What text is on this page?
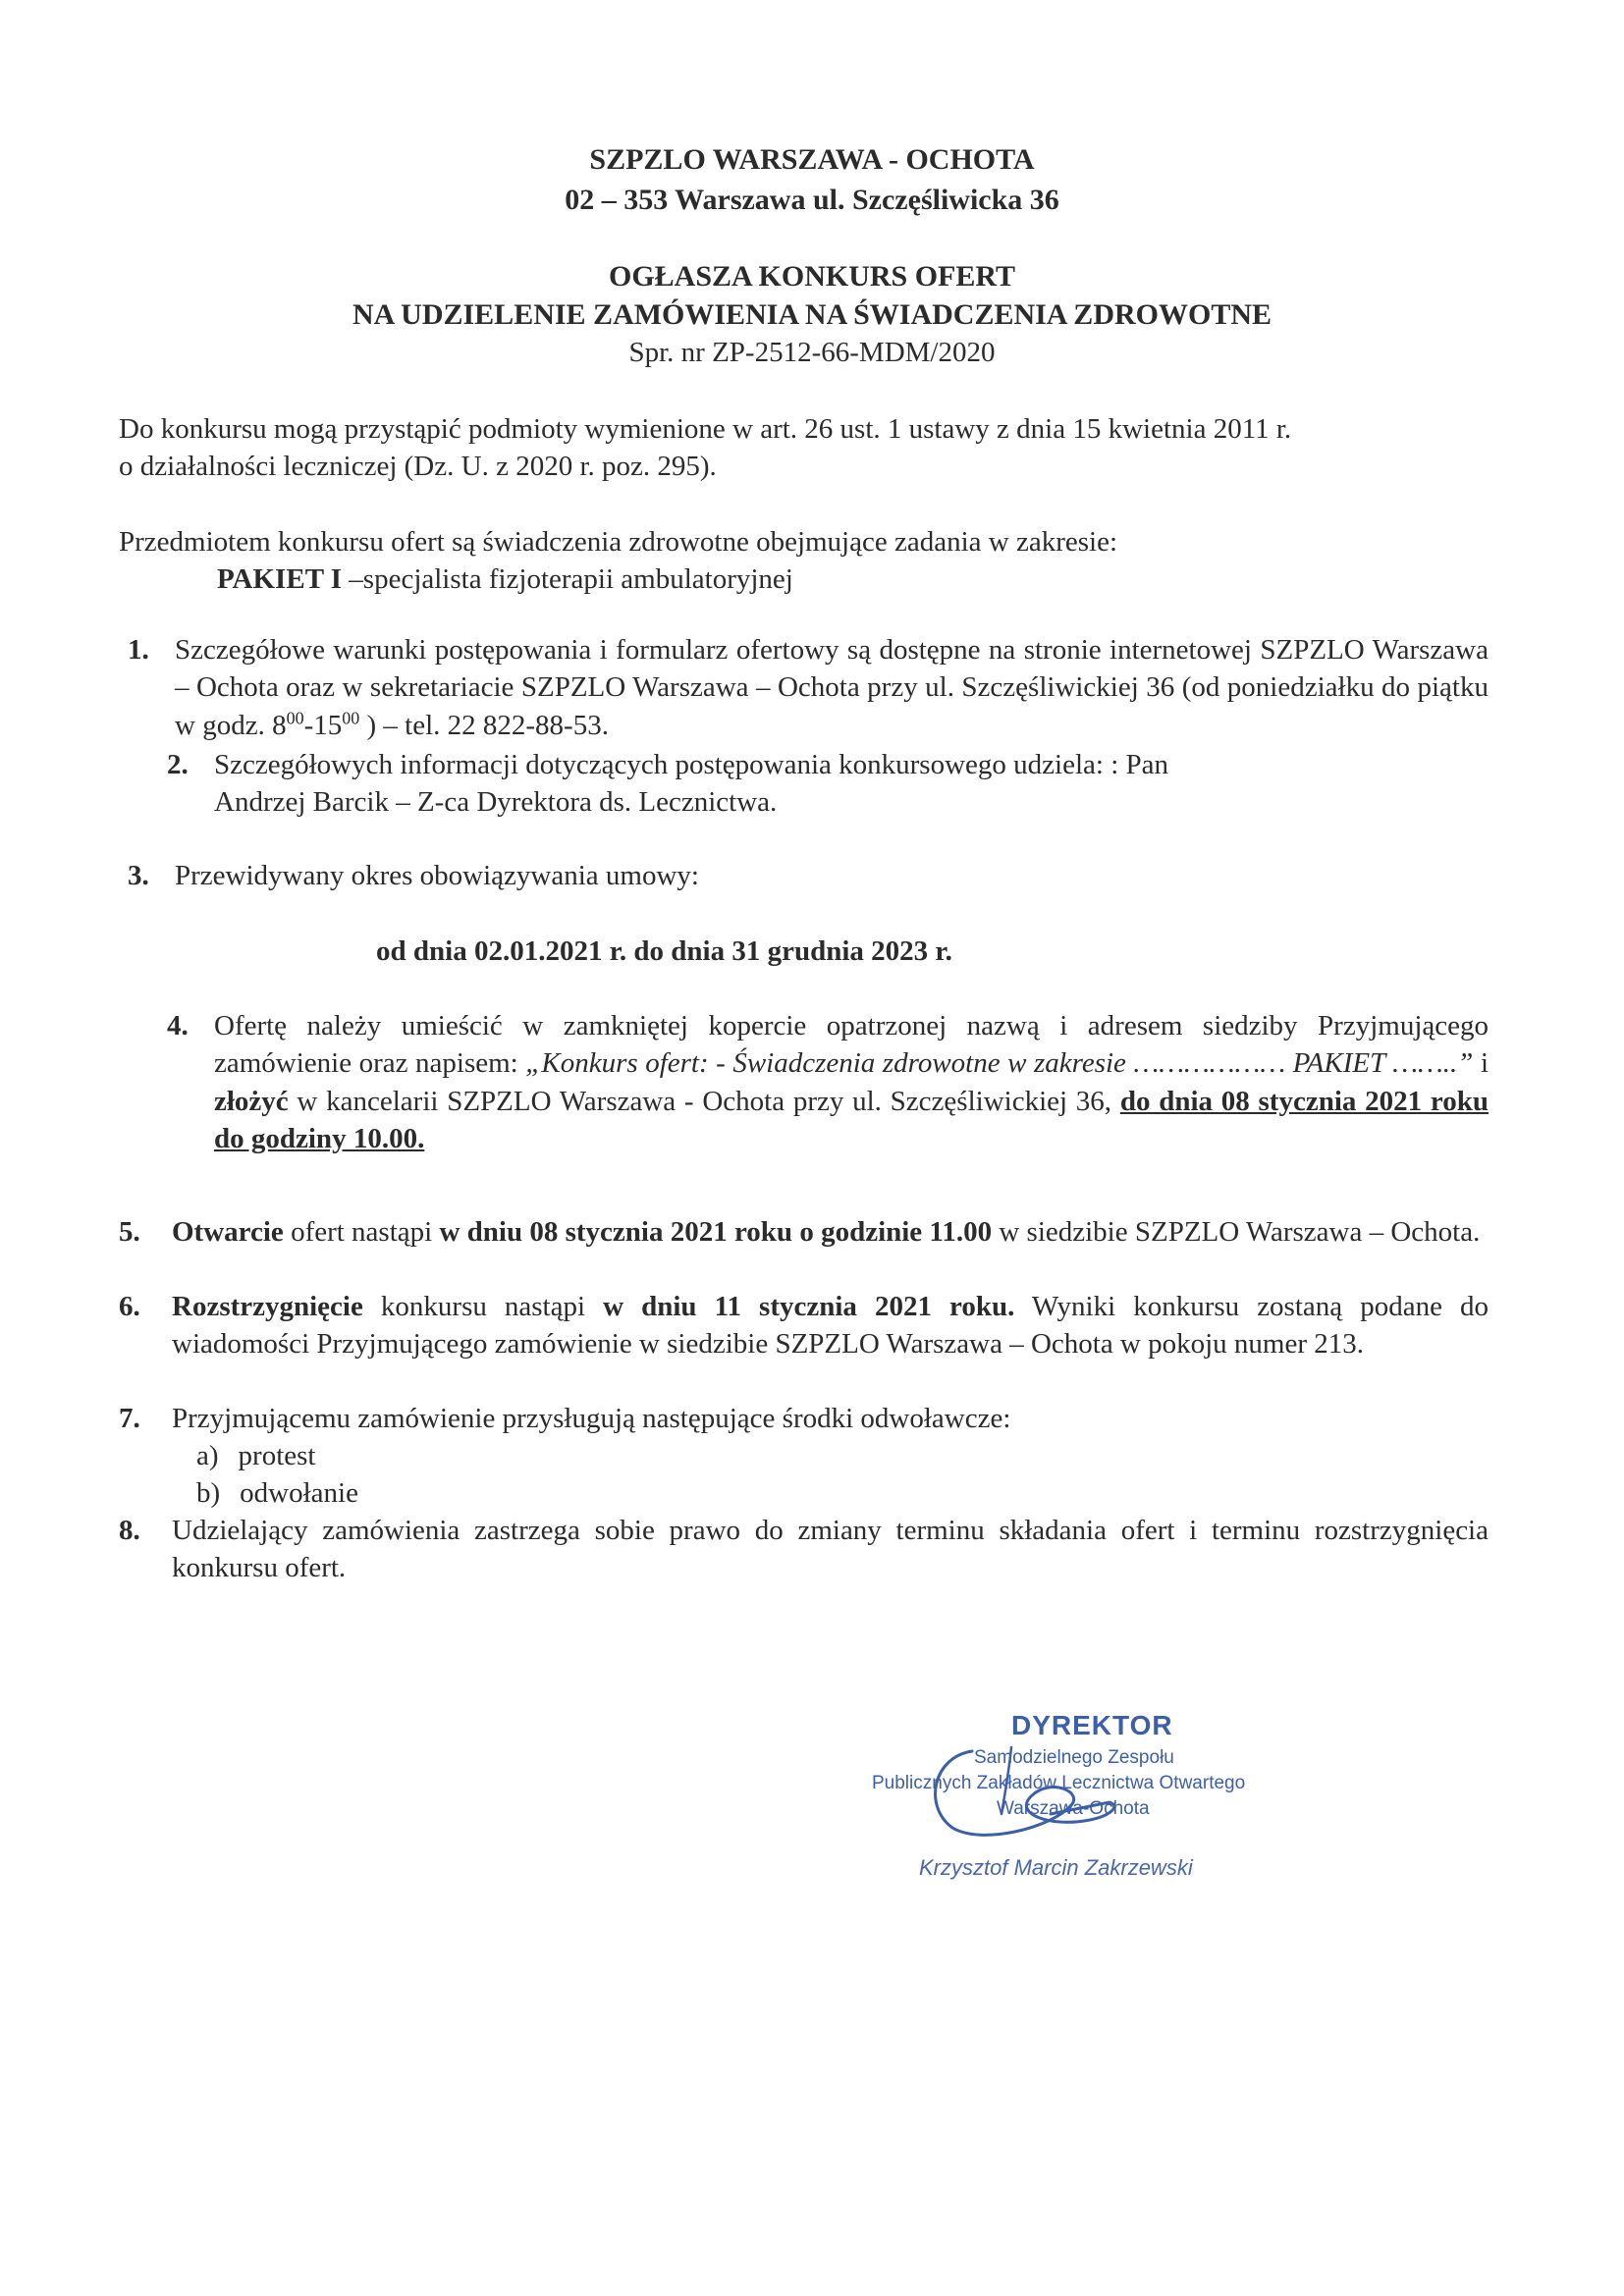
SZPZLO WARSZAWA - OCHOTA
02 – 353 Warszawa ul. Szczęśliwicka 36
OGŁASZA KONKURS OFERT
NA UDZIELENIE ZAMÓWIENIA NA ŚWIADCZENIA ZDROWOTNE
Spr. nr ZP-2512-66-MDM/2020
Do konkursu mogą przystąpić podmioty wymienione w art. 26 ust. 1 ustawy z dnia 15 kwietnia 2011 r.
o działalności leczniczej (Dz. U. z 2020 r. poz. 295).
Przedmiotem konkursu ofert są świadczenia zdrowotne obejmujące zadania w zakresie:
PAKIET I –specjalista fizjoterapii ambulatoryjnej
1. Szczegółowe warunki postępowania i formularz ofertowy są dostępne na stronie internetowej SZPZLO Warszawa – Ochota oraz w sekretariacie SZPZLO Warszawa – Ochota przy ul. Szczęśliwickiej 36 (od poniedziałku do piątku w godz. $8^{00}-15^{00}$ ) – tel. 22 822-88-53.
2. Szczegółowych informacji dotyczących postępowania konkursowego udziela: : Pan Andrzej Barcik – Z-ca Dyrektora ds. Lecznictwa.
3. Przewidywany okres obowiązywania umowy:
od dnia 02.01.2021 r. do dnia 31 grudnia 2023 r.
4. Ofertę należy umieścić w zamkniętej kopercie opatrzonej nazwą i adresem siedziby Przyjmującego zamówienie oraz napisem: „Konkurs ofert: - Świadczenia zdrowotne w zakresie ……………… PAKIET ……..” i złożyć w kancelarii SZPZLO Warszawa - Ochota przy ul. Szczęśliwickiej 36, do dnia 08 stycznia 2021 roku do godziny 10.00.
5. Otwarcie ofert nastąpi w dniu 08 stycznia 2021 roku o godzinie 11.00 w siedzibie SZPZLO Warszawa – Ochota.
6. Rozstrzygnięcie konkursu nastąpi w dniu 11 stycznia 2021 roku. Wyniki konkursu zostaną podane do wiadomości Przyjmującego zamówienie w siedzibie SZPZLO Warszawa – Ochota w pokoju numer 213.
7. Przyjmującemu zamówienie przysługują następujące środki odwoławcze:
a) protest
b) odwołanie
8. Udzielający zamówienia zastrzega sobie prawo do zmiany terminu składania ofert i terminu rozstrzygnięcia konkursu ofert.
DYREKTOR
Samodzielnego Zespołu
Publicznych Zakładów Lecznictwa Otwartego
Warszawa-Ochota
Krzysztof Marcin Zakrzewski
